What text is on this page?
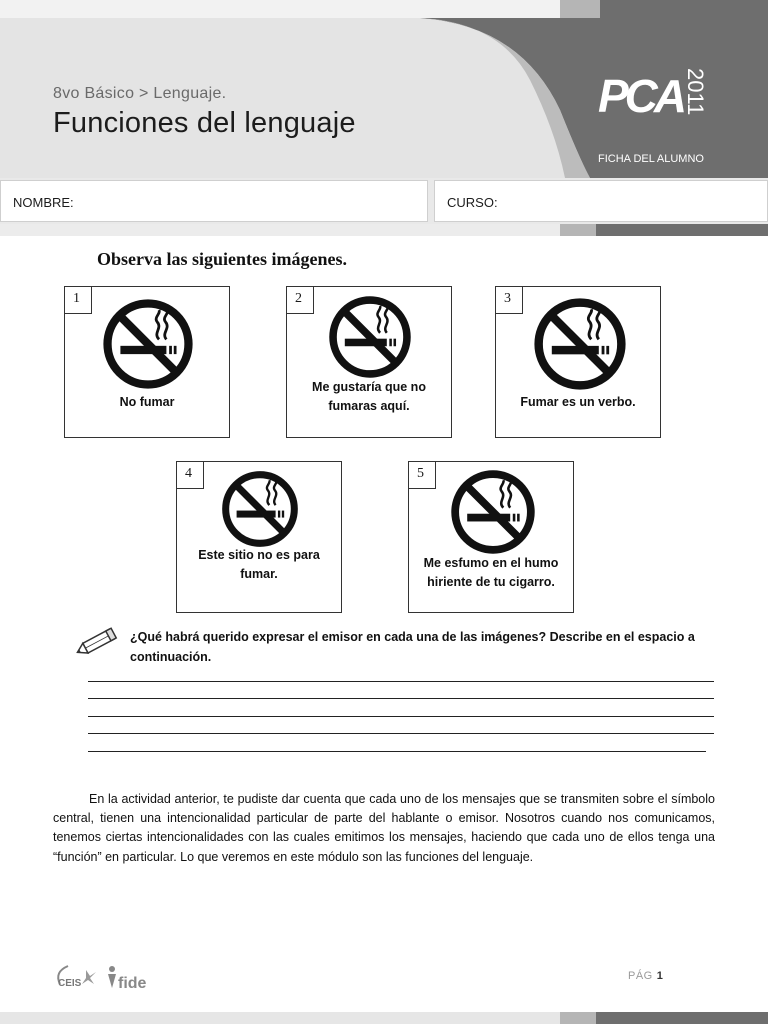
8vo Básico > Lenguaje.
Funciones del lenguaje
PCA 2011
FICHA DEL ALUMNO
NOMBRE:	CURSO:
Observa las siguientes imágenes.
1
No fumar
2
Me gustaría que no fumaras aquí.
3
Fumar es un verbo.
4
Este sitio no es para fumar.
5
Me esfumo en el humo hiriente de tu cigarro.
¿Qué habrá querido expresar el emisor en cada una de las imágenes? Describe en el espacio a continuación.
En la actividad anterior, te pudiste dar cuenta que cada uno de los mensajes que se transmiten sobre el símbolo central, tienen una intencionalidad particular de parte del hablante o emisor. Nosotros cuando nos comunicamos, tenemos ciertas intencionalidades con las cuales emitimos los mensajes, haciendo que cada uno de ellos tenga una “función” en particular. Lo que veremos en este módulo son las funciones del lenguaje.
CEIS fide	PÁG 1
